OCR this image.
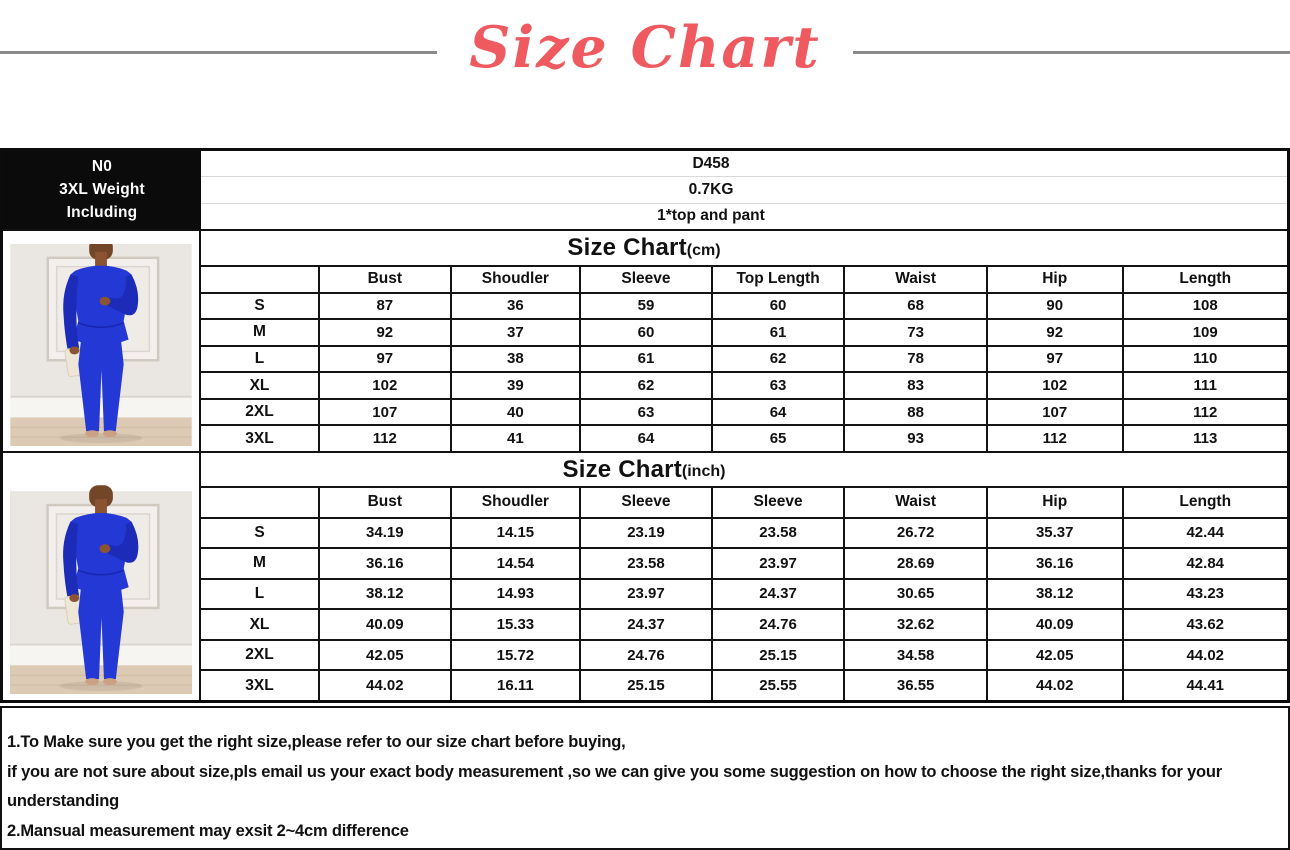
Size Chart
N0
3XL Weight
Including
D458
0.7KG
1*top and pant
Size Chart (cm)
Bust	Shoudler	Sleeve	Top Length	Waist	Hip	Length
S	87	36	59	60	68	90	108
M	92	37	60	61	73	92	109
L	97	38	61	62	78	97	110
XL	102	39	62	63	83	102	111
2XL	107	40	63	64	88	107	112
3XL	112	41	64	65	93	112	113
Size Chart (inch)
Bust	Shoudler	Sleeve	Sleeve	Waist	Hip	Length
S	34.19	14.15	23.19	23.58	26.72	35.37	42.44
M	36.16	14.54	23.58	23.97	28.69	36.16	42.84
L	38.12	14.93	23.97	24.37	30.65	38.12	43.23
XL	40.09	15.33	24.37	24.76	32.62	40.09	43.62
2XL	42.05	15.72	24.76	25.15	34.58	42.05	44.02
3XL	44.02	16.11	25.15	25.55	36.55	44.02	44.41
1.To Make sure you get the right size,please refer to our size chart before buying,
if you are not sure about size,pls email us your exact body measurement ,so we can give you some suggestion on how to choose the right size,thanks for your
understanding
2.Mansual measurement may exsit 2~4cm difference
